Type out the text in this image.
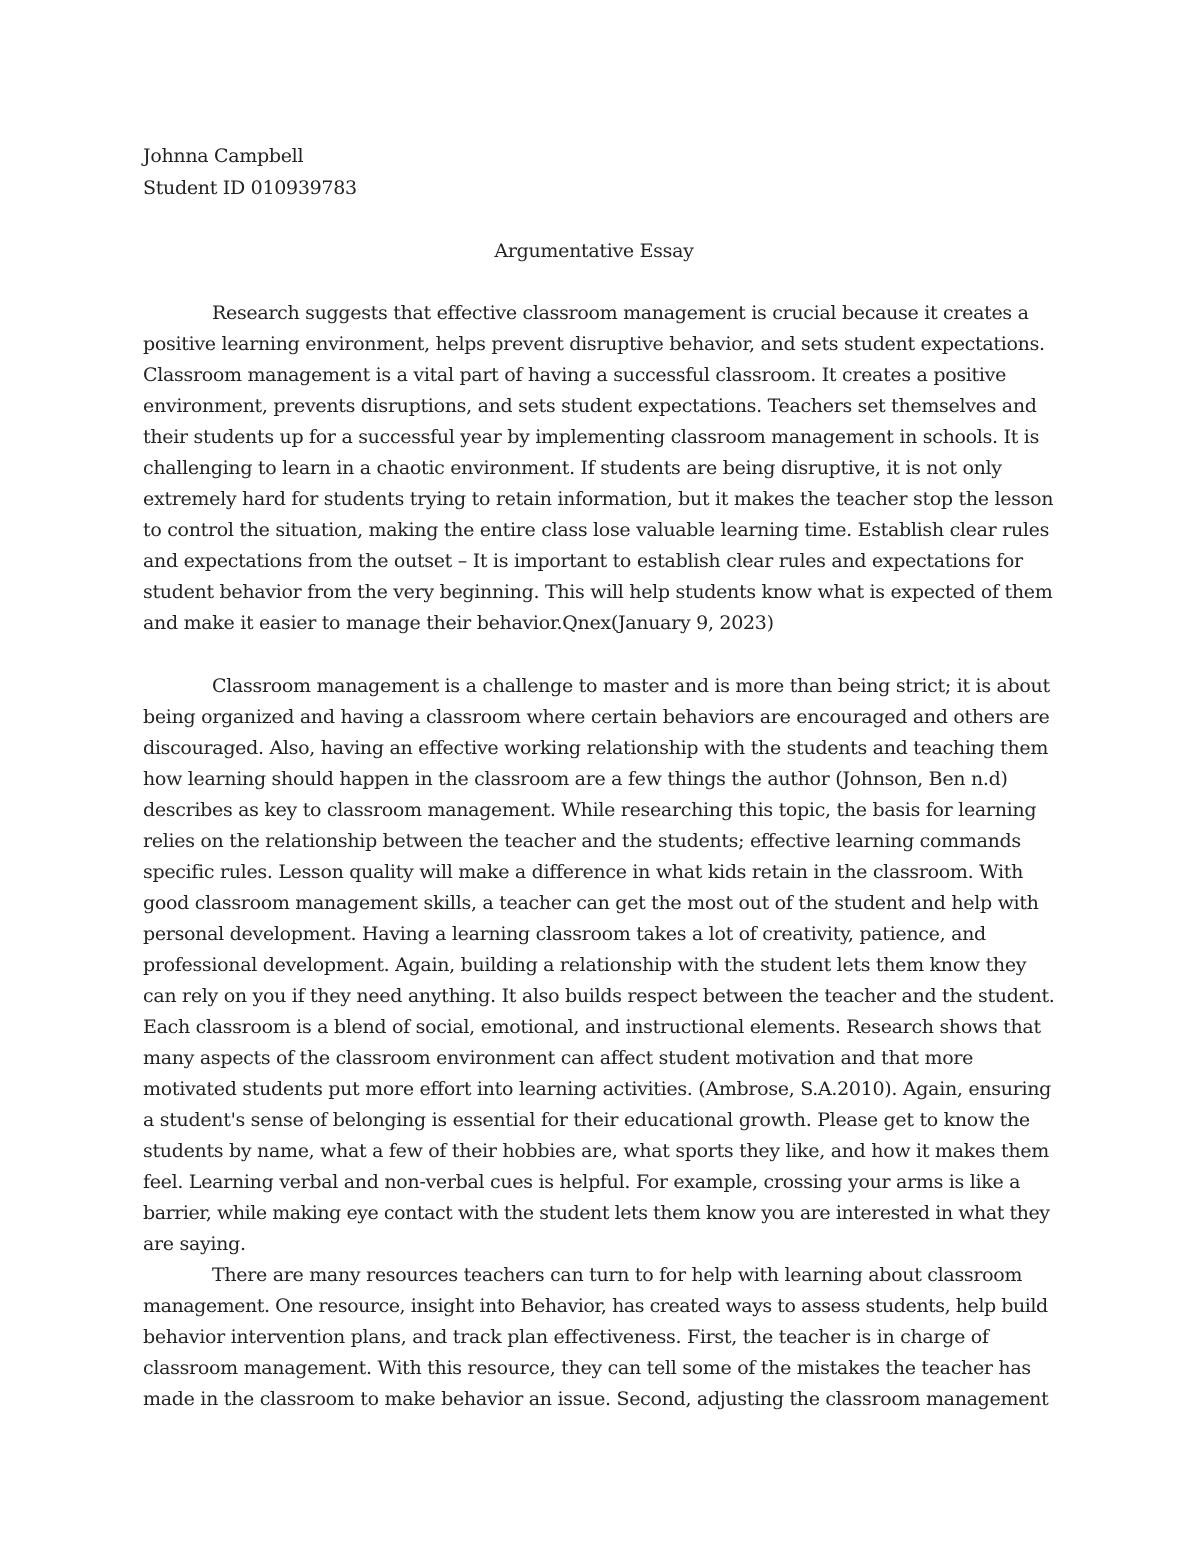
Johnna Campbell
Student ID 010939783
Argumentative Essay
Research suggests that effective classroom management is crucial because it creates a
positive learning environment, helps prevent disruptive behavior, and sets student expectations.
Classroom management is a vital part of having a successful classroom. It creates a positive
environment, prevents disruptions, and sets student expectations. Teachers set themselves and
their students up for a successful year by implementing classroom management in schools. It is
challenging to learn in a chaotic environment. If students are being disruptive, it is not only
extremely hard for students trying to retain information, but it makes the teacher stop the lesson
to control the situation, making the entire class lose valuable learning time. Establish clear rules
and expectations from the outset – It is important to establish clear rules and expectations for
student behavior from the very beginning. This will help students know what is expected of them
and make it easier to manage their behavior.Qnex(January 9, 2023)
Classroom management is a challenge to master and is more than being strict; it is about
being organized and having a classroom where certain behaviors are encouraged and others are
discouraged. Also, having an effective working relationship with the students and teaching them
how learning should happen in the classroom are a few things the author (Johnson, Ben n.d)
describes as key to classroom management. While researching this topic, the basis for learning
relies on the relationship between the teacher and the students; effective learning commands
specific rules. Lesson quality will make a difference in what kids retain in the classroom. With
good classroom management skills, a teacher can get the most out of the student and help with
personal development. Having a learning classroom takes a lot of creativity, patience, and
professional development. Again, building a relationship with the student lets them know they
can rely on you if they need anything. It also builds respect between the teacher and the student.
Each classroom is a blend of social, emotional, and instructional elements. Research shows that
many aspects of the classroom environment can affect student motivation and that more
motivated students put more effort into learning activities. (Ambrose, S.A.2010). Again, ensuring
a student's sense of belonging is essential for their educational growth. Please get to know the
students by name, what a few of their hobbies are, what sports they like, and how it makes them
feel. Learning verbal and non-verbal cues is helpful. For example, crossing your arms is like a
barrier, while making eye contact with the student lets them know you are interested in what they
are saying.
There are many resources teachers can turn to for help with learning about classroom
management. One resource, insight into Behavior, has created ways to assess students, help build
behavior intervention plans, and track plan effectiveness. First, the teacher is in charge of
classroom management. With this resource, they can tell some of the mistakes the teacher has
made in the classroom to make behavior an issue. Second, adjusting the classroom management
